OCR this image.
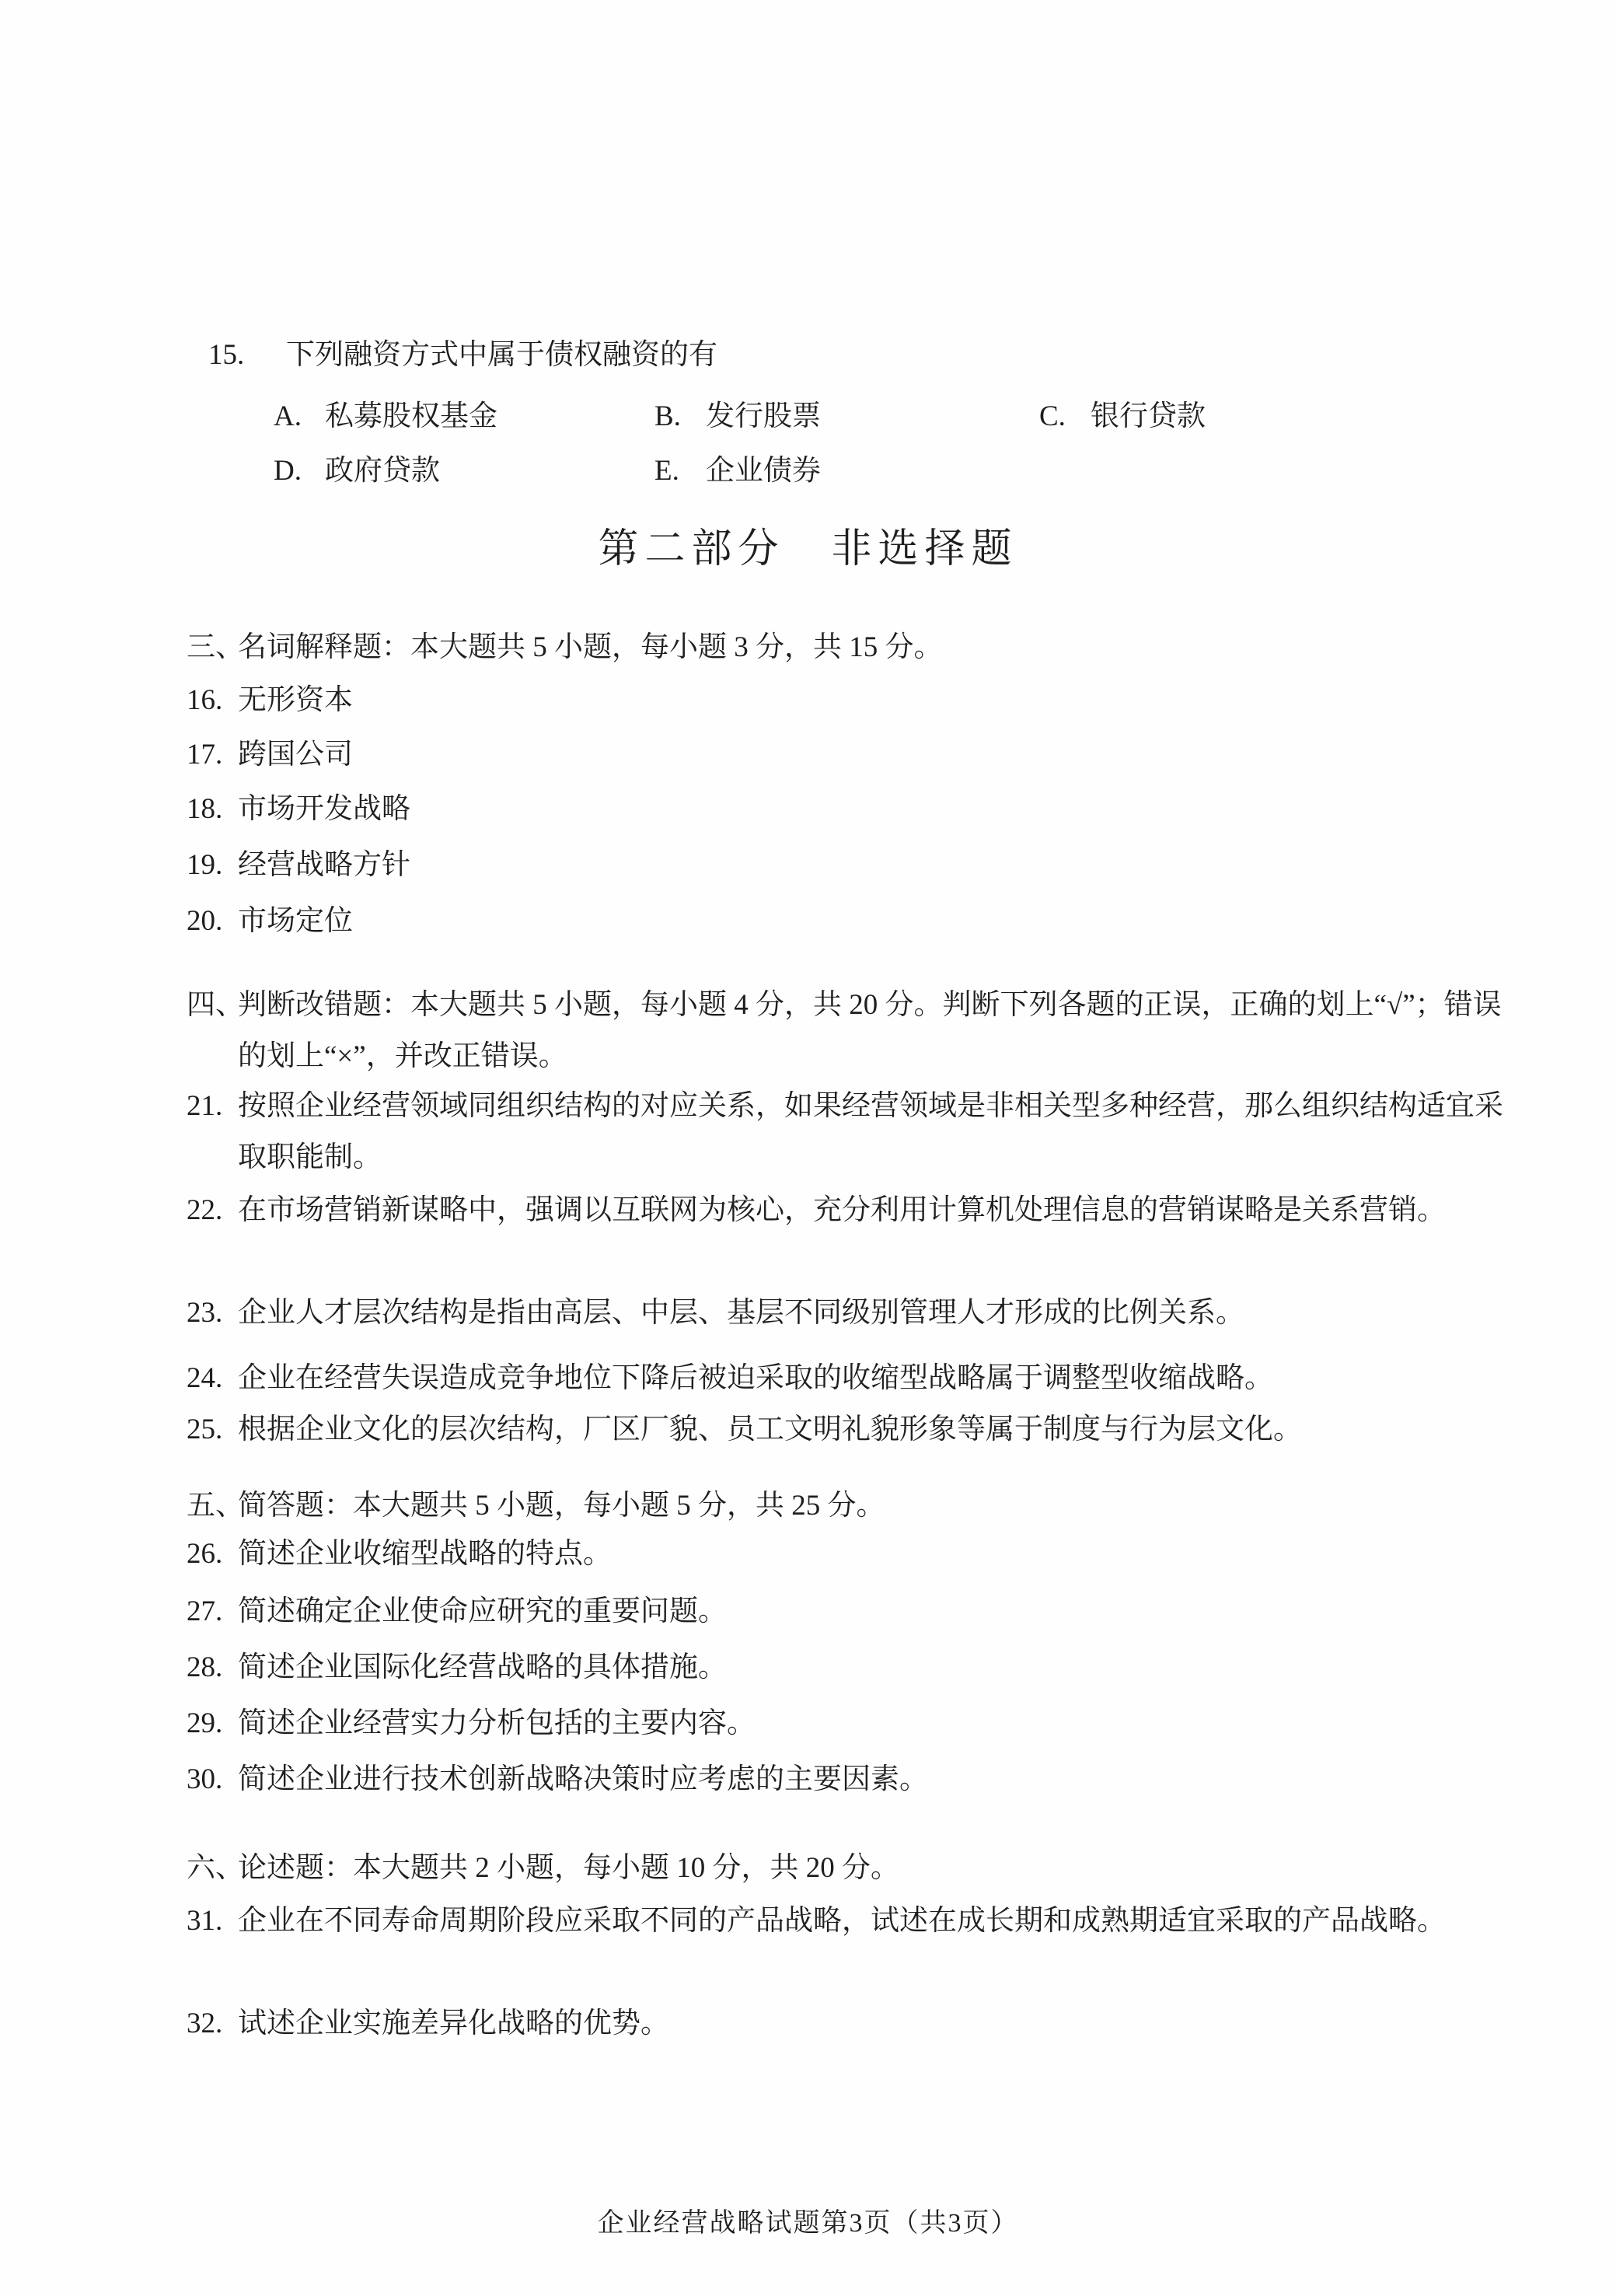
15. 下列融资方式中属于债权融资的有
A. 私募股权基金	B. 发行股票	C. 银行贷款
D. 政府贷款	E. 企业债券
第二部分　非选择题
三、名词解释题：本大题共 5 小题，每小题 3 分，共 15 分。
16. 无形资本
17. 跨国公司
18. 市场开发战略
19. 经营战略方针
20. 市场定位
四、判断改错题：本大题共 5 小题，每小题 4 分，共 20 分。判断下列各题的正误，正确的划上“√”；错误的划上“×”，并改正错误。
21. 按照企业经营领域同组织结构的对应关系，如果经营领域是非相关型多种经营，那么组织结构适宜采取职能制。
22. 在市场营销新谋略中，强调以互联网为核心，充分利用计算机处理信息的营销谋略是关系营销。
23. 企业人才层次结构是指由高层、中层、基层不同级别管理人才形成的比例关系。
24. 企业在经营失误造成竞争地位下降后被迫采取的收缩型战略属于调整型收缩战略。
25. 根据企业文化的层次结构，厂区厂貌、员工文明礼貌形象等属于制度与行为层文化。
五、简答题：本大题共 5 小题，每小题 5 分，共 25 分。
26. 简述企业收缩型战略的特点。
27. 简述确定企业使命应研究的重要问题。
28. 简述企业国际化经营战略的具体措施。
29. 简述企业经营实力分析包括的主要内容。
30. 简述企业进行技术创新战略决策时应考虑的主要因素。
六、论述题：本大题共 2 小题，每小题 10 分，共 20 分。
31. 企业在不同寿命周期阶段应采取不同的产品战略，试述在成长期和成熟期适宜采取的产品战略。
32. 试述企业实施差异化战略的优势。
企业经营战略试题第3页（共3页）
